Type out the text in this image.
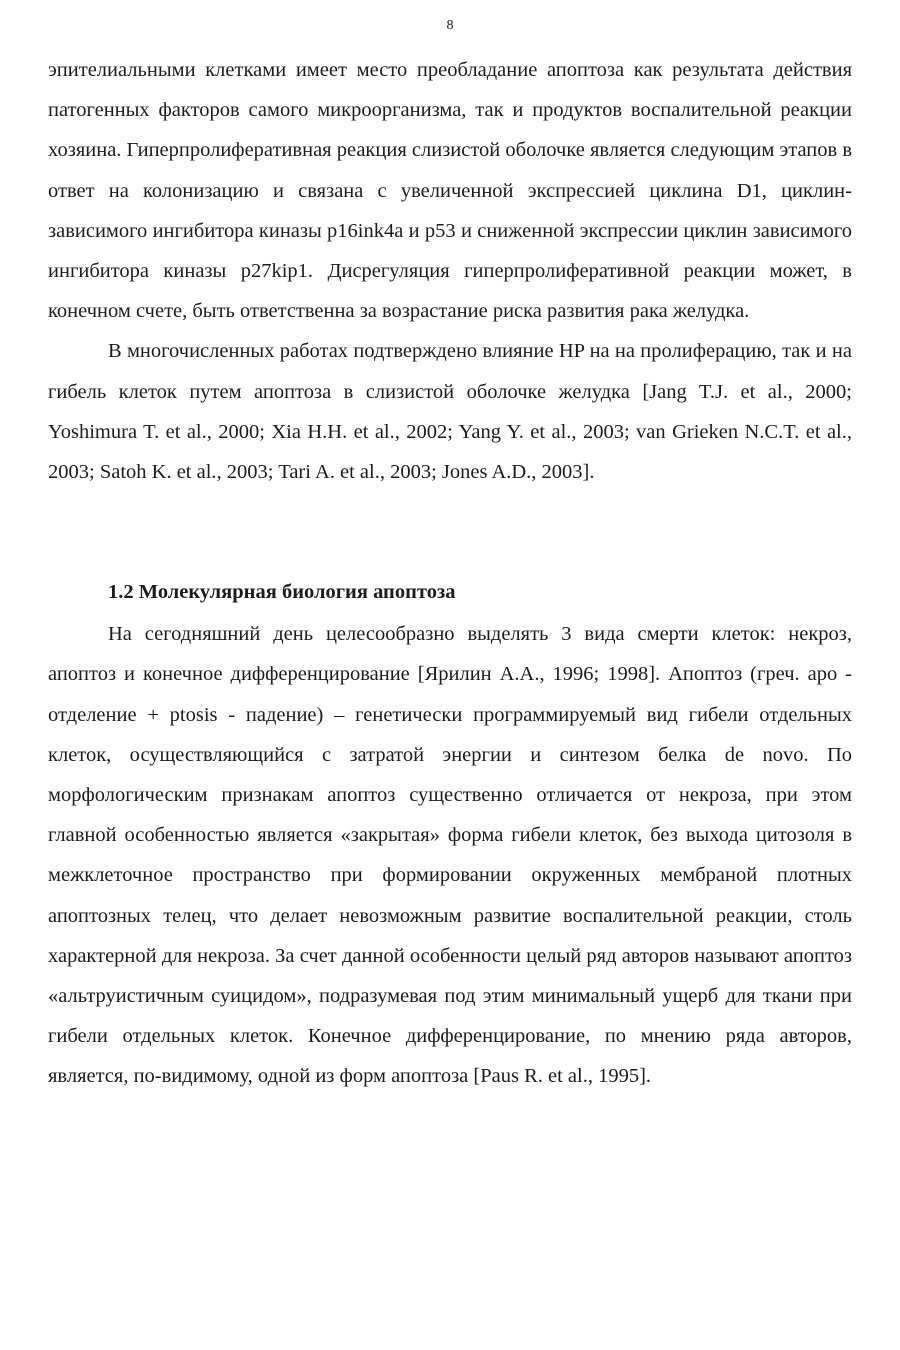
8

эпителиальными клетками имеет место преобладание апоптоза как результата действия патогенных факторов самого микроорганизма, так и продуктов воспалительной реакции хозяина. Гиперпролиферативная реакция слизистой оболочке является следующим этапов в ответ на колонизацию и связана с увеличенной экспрессией циклина D1, циклин-зависимого ингибитора киназы p16ink4a и p53 и сниженной экспрессии циклин зависимого ингибитора киназы p27kip1. Дисрегуляция гиперпролиферативной реакции может, в конечном счете, быть ответственна за возрастание риска развития рака желудка.

В многочисленных работах подтверждено влияние HP на на пролиферацию, так и на гибель клеток путем апоптоза в слизистой оболочке желудка [Jang T.J. et al., 2000; Yoshimura T. et al., 2000; Xia H.H. et al., 2002; Yang Y. et al., 2003; van Grieken N.C.T. et al., 2003; Satoh K. et al., 2003; Tari A. et al., 2003; Jones A.D., 2003].

1.2 Молекулярная биология апоптоза

На сегодняшний день целесообразно выделять 3 вида смерти клеток: некроз, апоптоз и конечное дифференцирование [Ярилин А.А., 1996; 1998]. Апоптоз (греч. apo - отделение + ptosis - падение) – генетически программируемый вид гибели отдельных клеток, осуществляющийся с затратой энергии и синтезом белка de novo. По морфологическим признакам апоптоз существенно отличается от некроза, при этом главной особенностью является «закрытая» форма гибели клеток, без выхода цитозоля в межклеточное пространство при формировании окруженных мембраной плотных апоптозных телец, что делает невозможным развитие воспалительной реакции, столь характерной для некроза. За счет данной особенности целый ряд авторов называют апоптоз «альтруистичным суицидом», подразумевая под этим минимальный ущерб для ткани при гибели отдельных клеток. Конечное дифференцирование, по мнению ряда авторов, является, по-видимому, одной из форм апоптоза [Paus R. et al., 1995].
